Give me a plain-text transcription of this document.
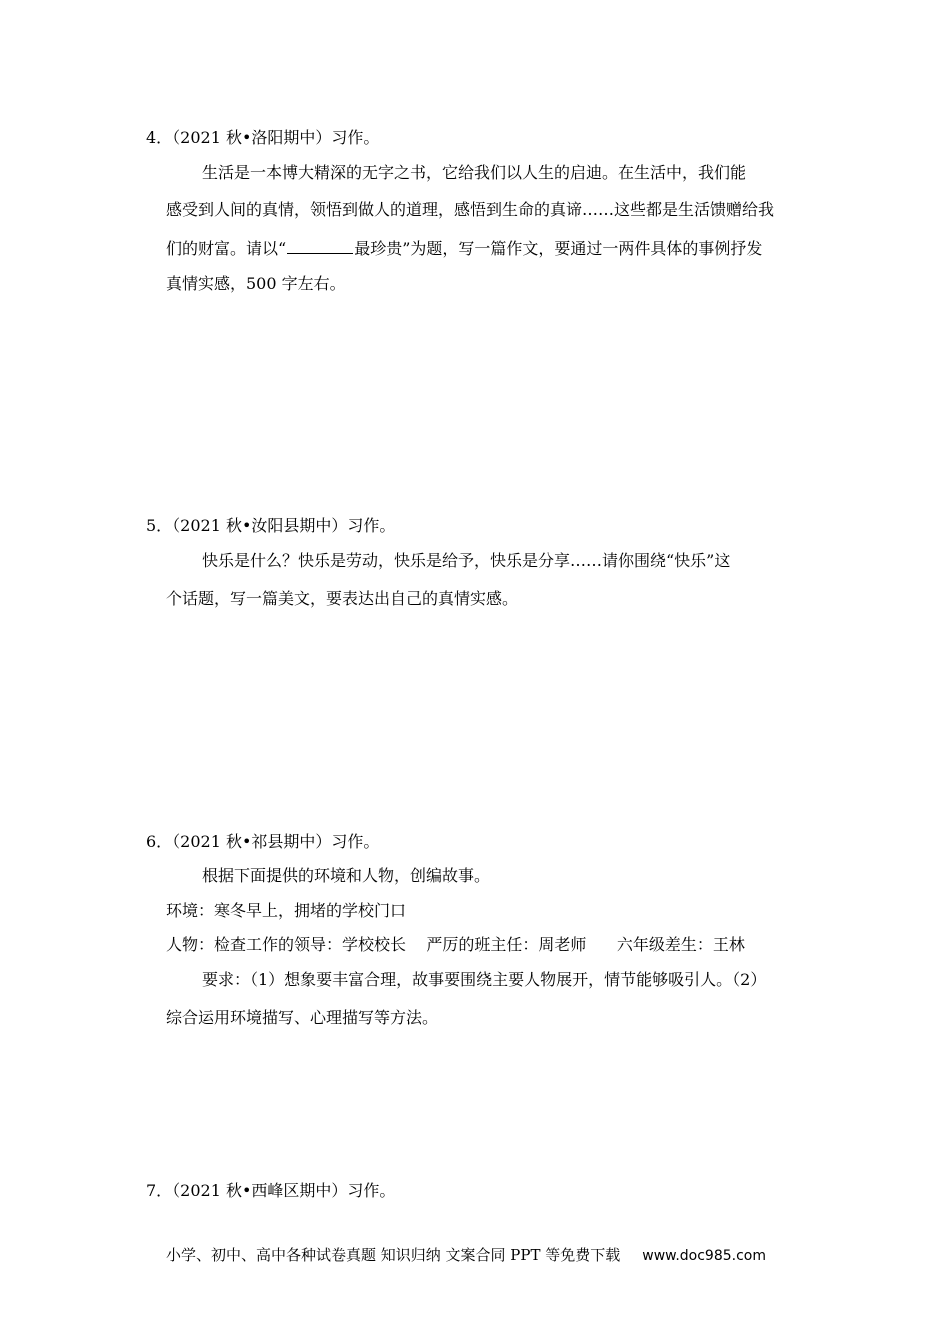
4．（2021 秋•洛阳期中）习作。
生活是一本博大精深的无字之书，它给我们以人生的启迪。在生活中，我们能
感受到人间的真情，领悟到做人的道理，感悟到生命的真谛……这些都是生活馈赠给我
们的财富。请以“	最珍贵”为题，写一篇作文，要通过一两件具体的事例抒发
真情实感，500 字左右。
5．（2021 秋•汝阳县期中）习作。
快乐是什么？快乐是劳动，快乐是给予，快乐是分享……请你围绕“快乐”这
个话题，写一篇美文，要表达出自己的真情实感。
6．（2021 秋•祁县期中）习作。
根据下面提供的环境和人物，创编故事。
环境：寒冬早上，拥堵的学校门口
人物：检查工作的领导：学校校长    严厉的班主任：周老师      六年级差生：王林
要求：（1）想象要丰富合理，故事要围绕主要人物展开，情节能够吸引人。（2）
综合运用环境描写、心理描写等方法。
7．（2021 秋•西峰区期中）习作。
小学、初中、高中各种试卷真题 知识归纳 文案合同 PPT 等免费下载 www.doc985.com
